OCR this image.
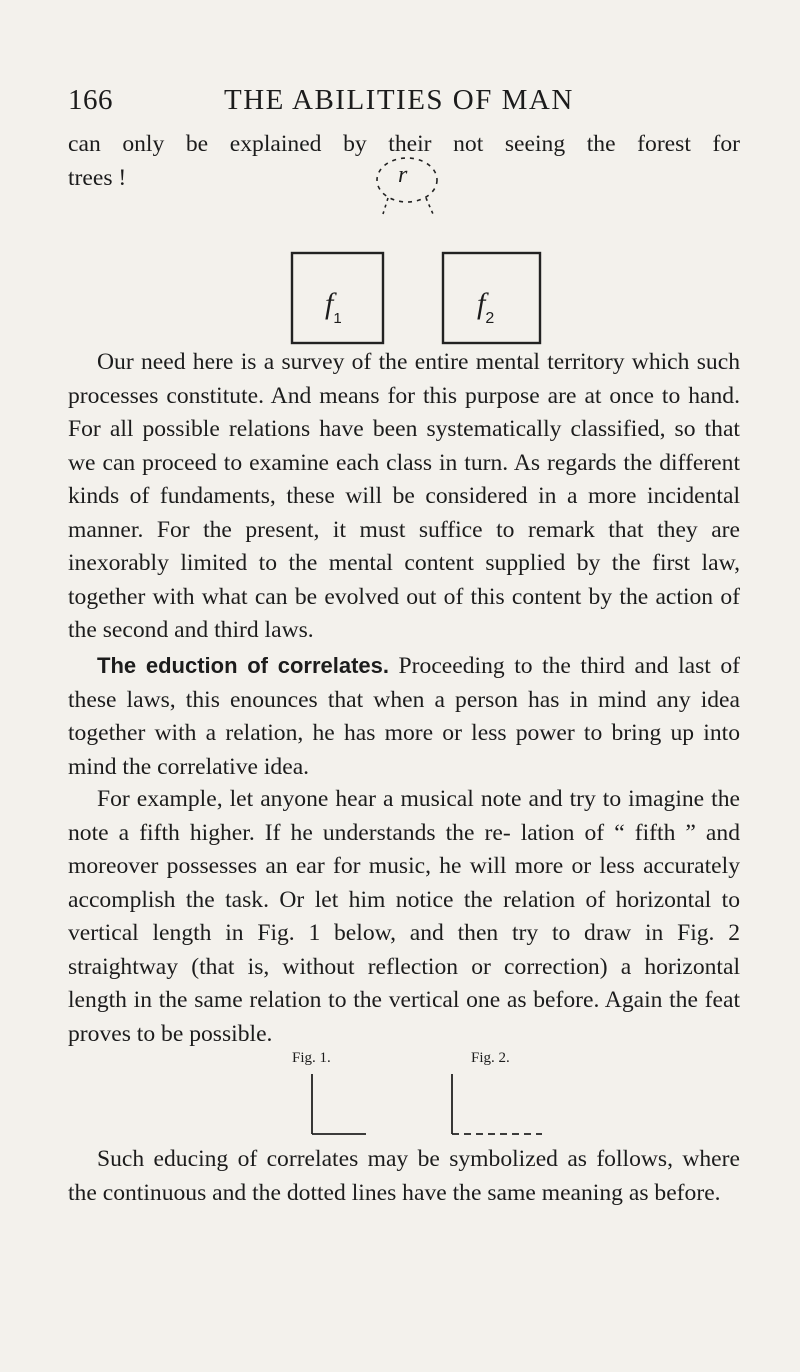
166	THE ABILITIES OF MAN

can only be explained by their not seeing the forest for

trees !	r
$f_1$	$f_2$

Our need here is a survey of the entire mental territory which such processes constitute. And means for this purpose are at once to hand. For all possible relations have been systematically classified, so that we can proceed to examine each class in turn. As regards the different kinds of fundaments, these will be considered in a more incidental manner. For the present, it must suffice to remark that they are inexorably limited to the mental content supplied by the first law, together with what can be evolved out of this content by the action of the second and third laws.

The eduction of correlates. Proceeding to the third and last of these laws, this enounces that when a person has in mind any idea together with a relation, he has more or less power to bring up into mind the correlative idea.

For example, let anyone hear a musical note and try to imagine the note a fifth higher. If he understands the re- lation of “ fifth ” and moreover possesses an ear for music, he will more or less accurately accomplish the task. Or let him notice the relation of horizontal to vertical length in Fig. 1 below, and then try to draw in Fig. 2 straightway (that is, without reflection or correction) a horizontal length in the same relation to the vertical one as before. Again the feat proves to be possible.

Fig. 1.	Fig. 2.

Such educing of correlates may be symbolized as follows, where the continuous and the dotted lines have the same meaning as before.
